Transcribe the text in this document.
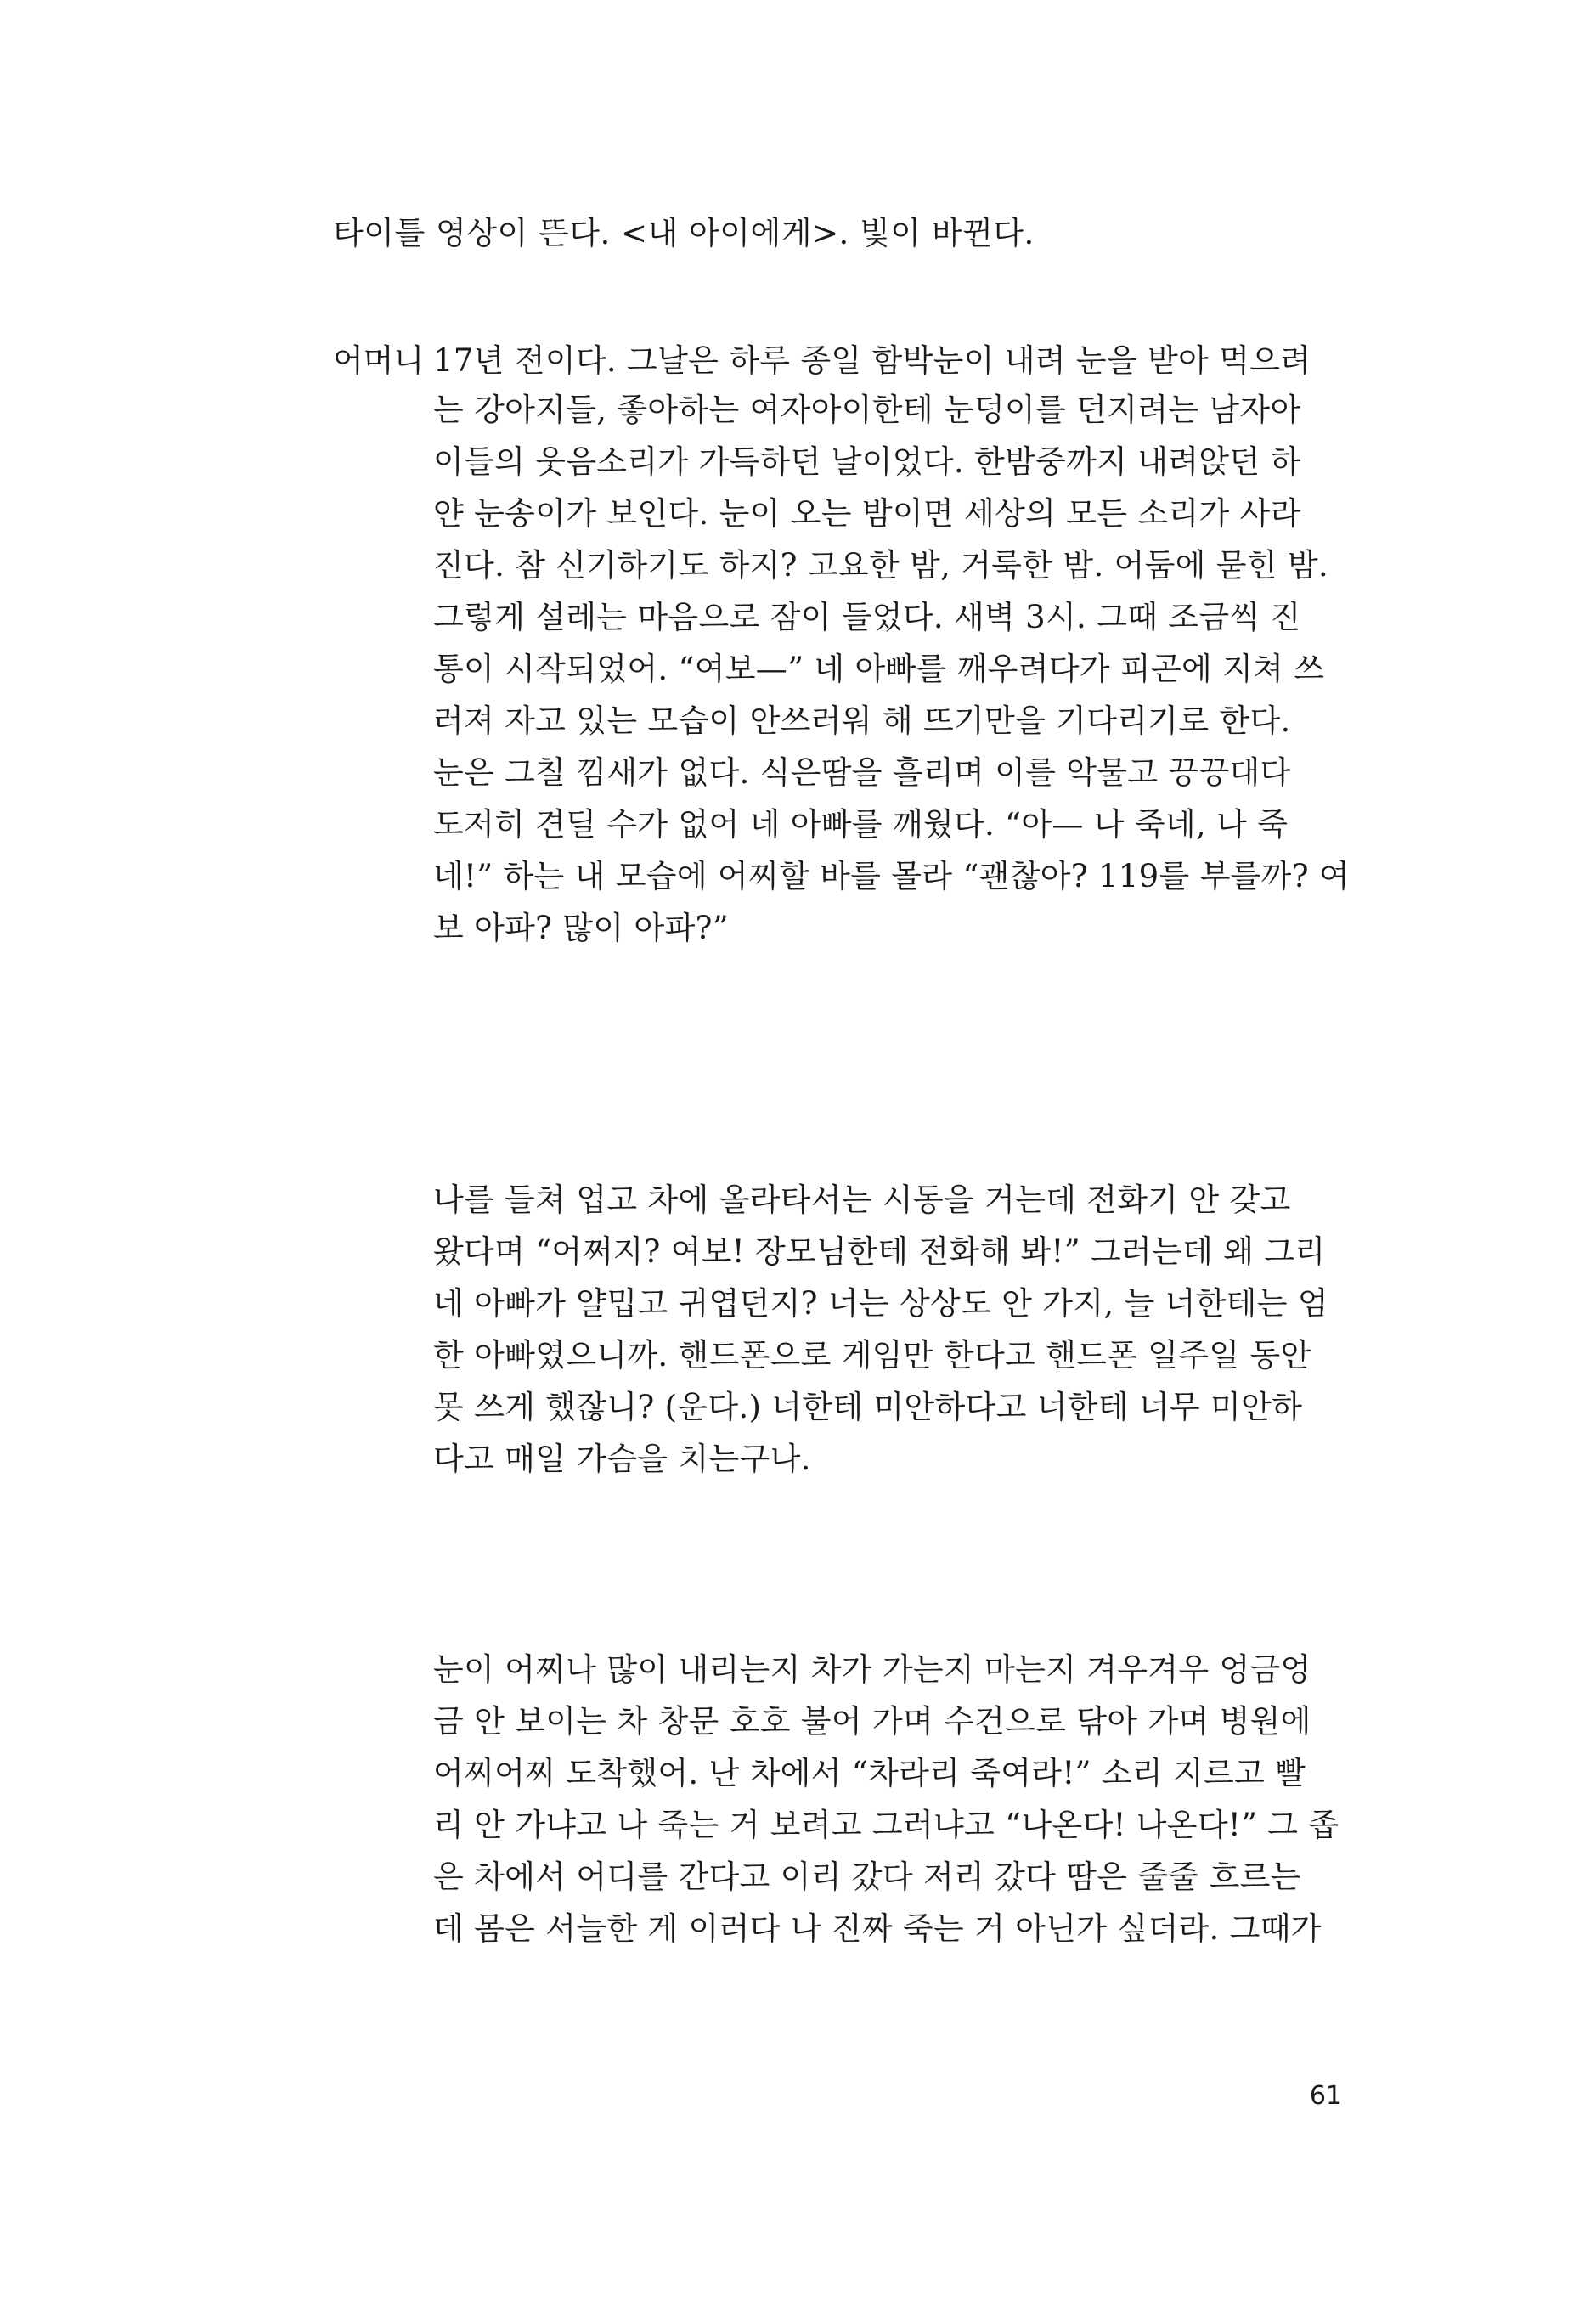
타이틀 영상이 뜬다. <내 아이에게>. 빛이 바뀐다.
어머니 17년 전이다. 그날은 하루 종일 함박눈이 내려 눈을 받아 먹으려
는 강아지들, 좋아하는 여자아이한테 눈덩이를 던지려는 남자아
이들의 웃음소리가 가득하던 날이었다. 한밤중까지 내려앉던 하
얀 눈송이가 보인다. 눈이 오는 밤이면 세상의 모든 소리가 사라
진다. 참 신기하기도 하지? 고요한 밤, 거룩한 밤. 어둠에 묻힌 밤.
그렇게 설레는 마음으로 잠이 들었다. 새벽 3시. 그때 조금씩 진
통이 시작되었어. “여보—” 네 아빠를 깨우려다가 피곤에 지쳐 쓰
러져 자고 있는 모습이 안쓰러워 해 뜨기만을 기다리기로 한다.
눈은 그칠 낌새가 없다. 식은땀을 흘리며 이를 악물고 끙끙대다
도저히 견딜 수가 없어 네 아빠를 깨웠다. “아— 나 죽네, 나 죽
네!” 하는 내 모습에 어찌할 바를 몰라 “괜찮아? 119를 부를까? 여
보 아파? 많이 아파?”
나를 들쳐 업고 차에 올라타서는 시동을 거는데 전화기 안 갖고
왔다며 “어쩌지? 여보! 장모님한테 전화해 봐!” 그러는데 왜 그리
네 아빠가 얄밉고 귀엽던지? 너는 상상도 안 가지, 늘 너한테는 엄
한 아빠였으니까. 핸드폰으로 게임만 한다고 핸드폰 일주일 동안
못 쓰게 했잖니? (운다.) 너한테 미안하다고 너한테 너무 미안하
다고 매일 가슴을 치는구나.
눈이 어찌나 많이 내리는지 차가 가는지 마는지 겨우겨우 엉금엉
금 안 보이는 차 창문 호호 불어 가며 수건으로 닦아 가며 병원에
어찌어찌 도착했어. 난 차에서 “차라리 죽여라!” 소리 지르고 빨
리 안 가냐고 나 죽는 거 보려고 그러냐고 “나온다! 나온다!” 그 좁
은 차에서 어디를 간다고 이리 갔다 저리 갔다 땀은 줄줄 흐르는
데 몸은 서늘한 게 이러다 나 진짜 죽는 거 아닌가 싶더라. 그때가
61
